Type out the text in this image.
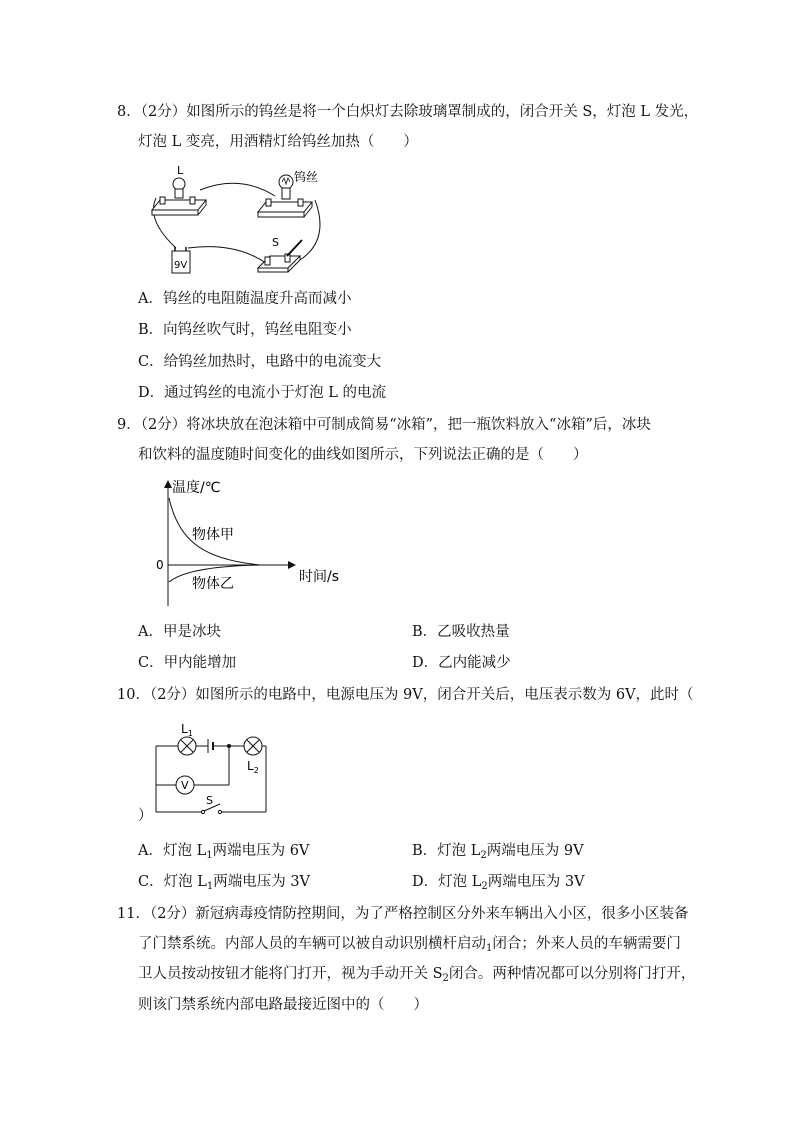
8．（2分）如图所示的钨丝是将一个白炽灯去除玻璃罩制成的，闭合开关 S，灯泡 L 发光，
灯泡 L 变亮，用酒精灯给钨丝加热（　　）
L	钨丝
9V
S
A．钨丝的电阻随温度升高而减小
B．向钨丝吹气时，钨丝电阻变小
C．给钨丝加热时，电路中的电流变大
D．通过钨丝的电流小于灯泡 L 的电流
9．（2分）将冰块放在泡沫箱中可制成简易“冰箱”，把一瓶饮料放入“冰箱”后，冰块
和饮料的温度随时间变化的曲线如图所示，下列说法正确的是（　　）
温度/℃
时间/s
0
物体甲
物体乙
A．甲是冰块	B．乙吸收热量
C．甲内能增加	D．乙内能减少
10．（2分）如图所示的电路中，电源电压为 9V，闭合开关后，电压表示数为 6V，此时（
V
S
$L_1$
$L_2$
）
A．灯泡 $L_1$两端电压为 6V	B．灯泡 $L_2$两端电压为 9V
C．灯泡 $L_1$两端电压为 3V	D．灯泡 $L_2$两端电压为 3V
11．（2分）新冠病毒疫情防控期间，为了严格控制区分外来车辆出入小区，很多小区装备
了门禁系统。内部人员的车辆可以被自动识别横杆启动$_1$闭合；外来人员的车辆需要门
卫人员按动按钮才能将门打开，视为手动开关 $S_2$闭合。两种情况都可以分别将门打开，
则该门禁系统内部电路最接近图中的（　　）
